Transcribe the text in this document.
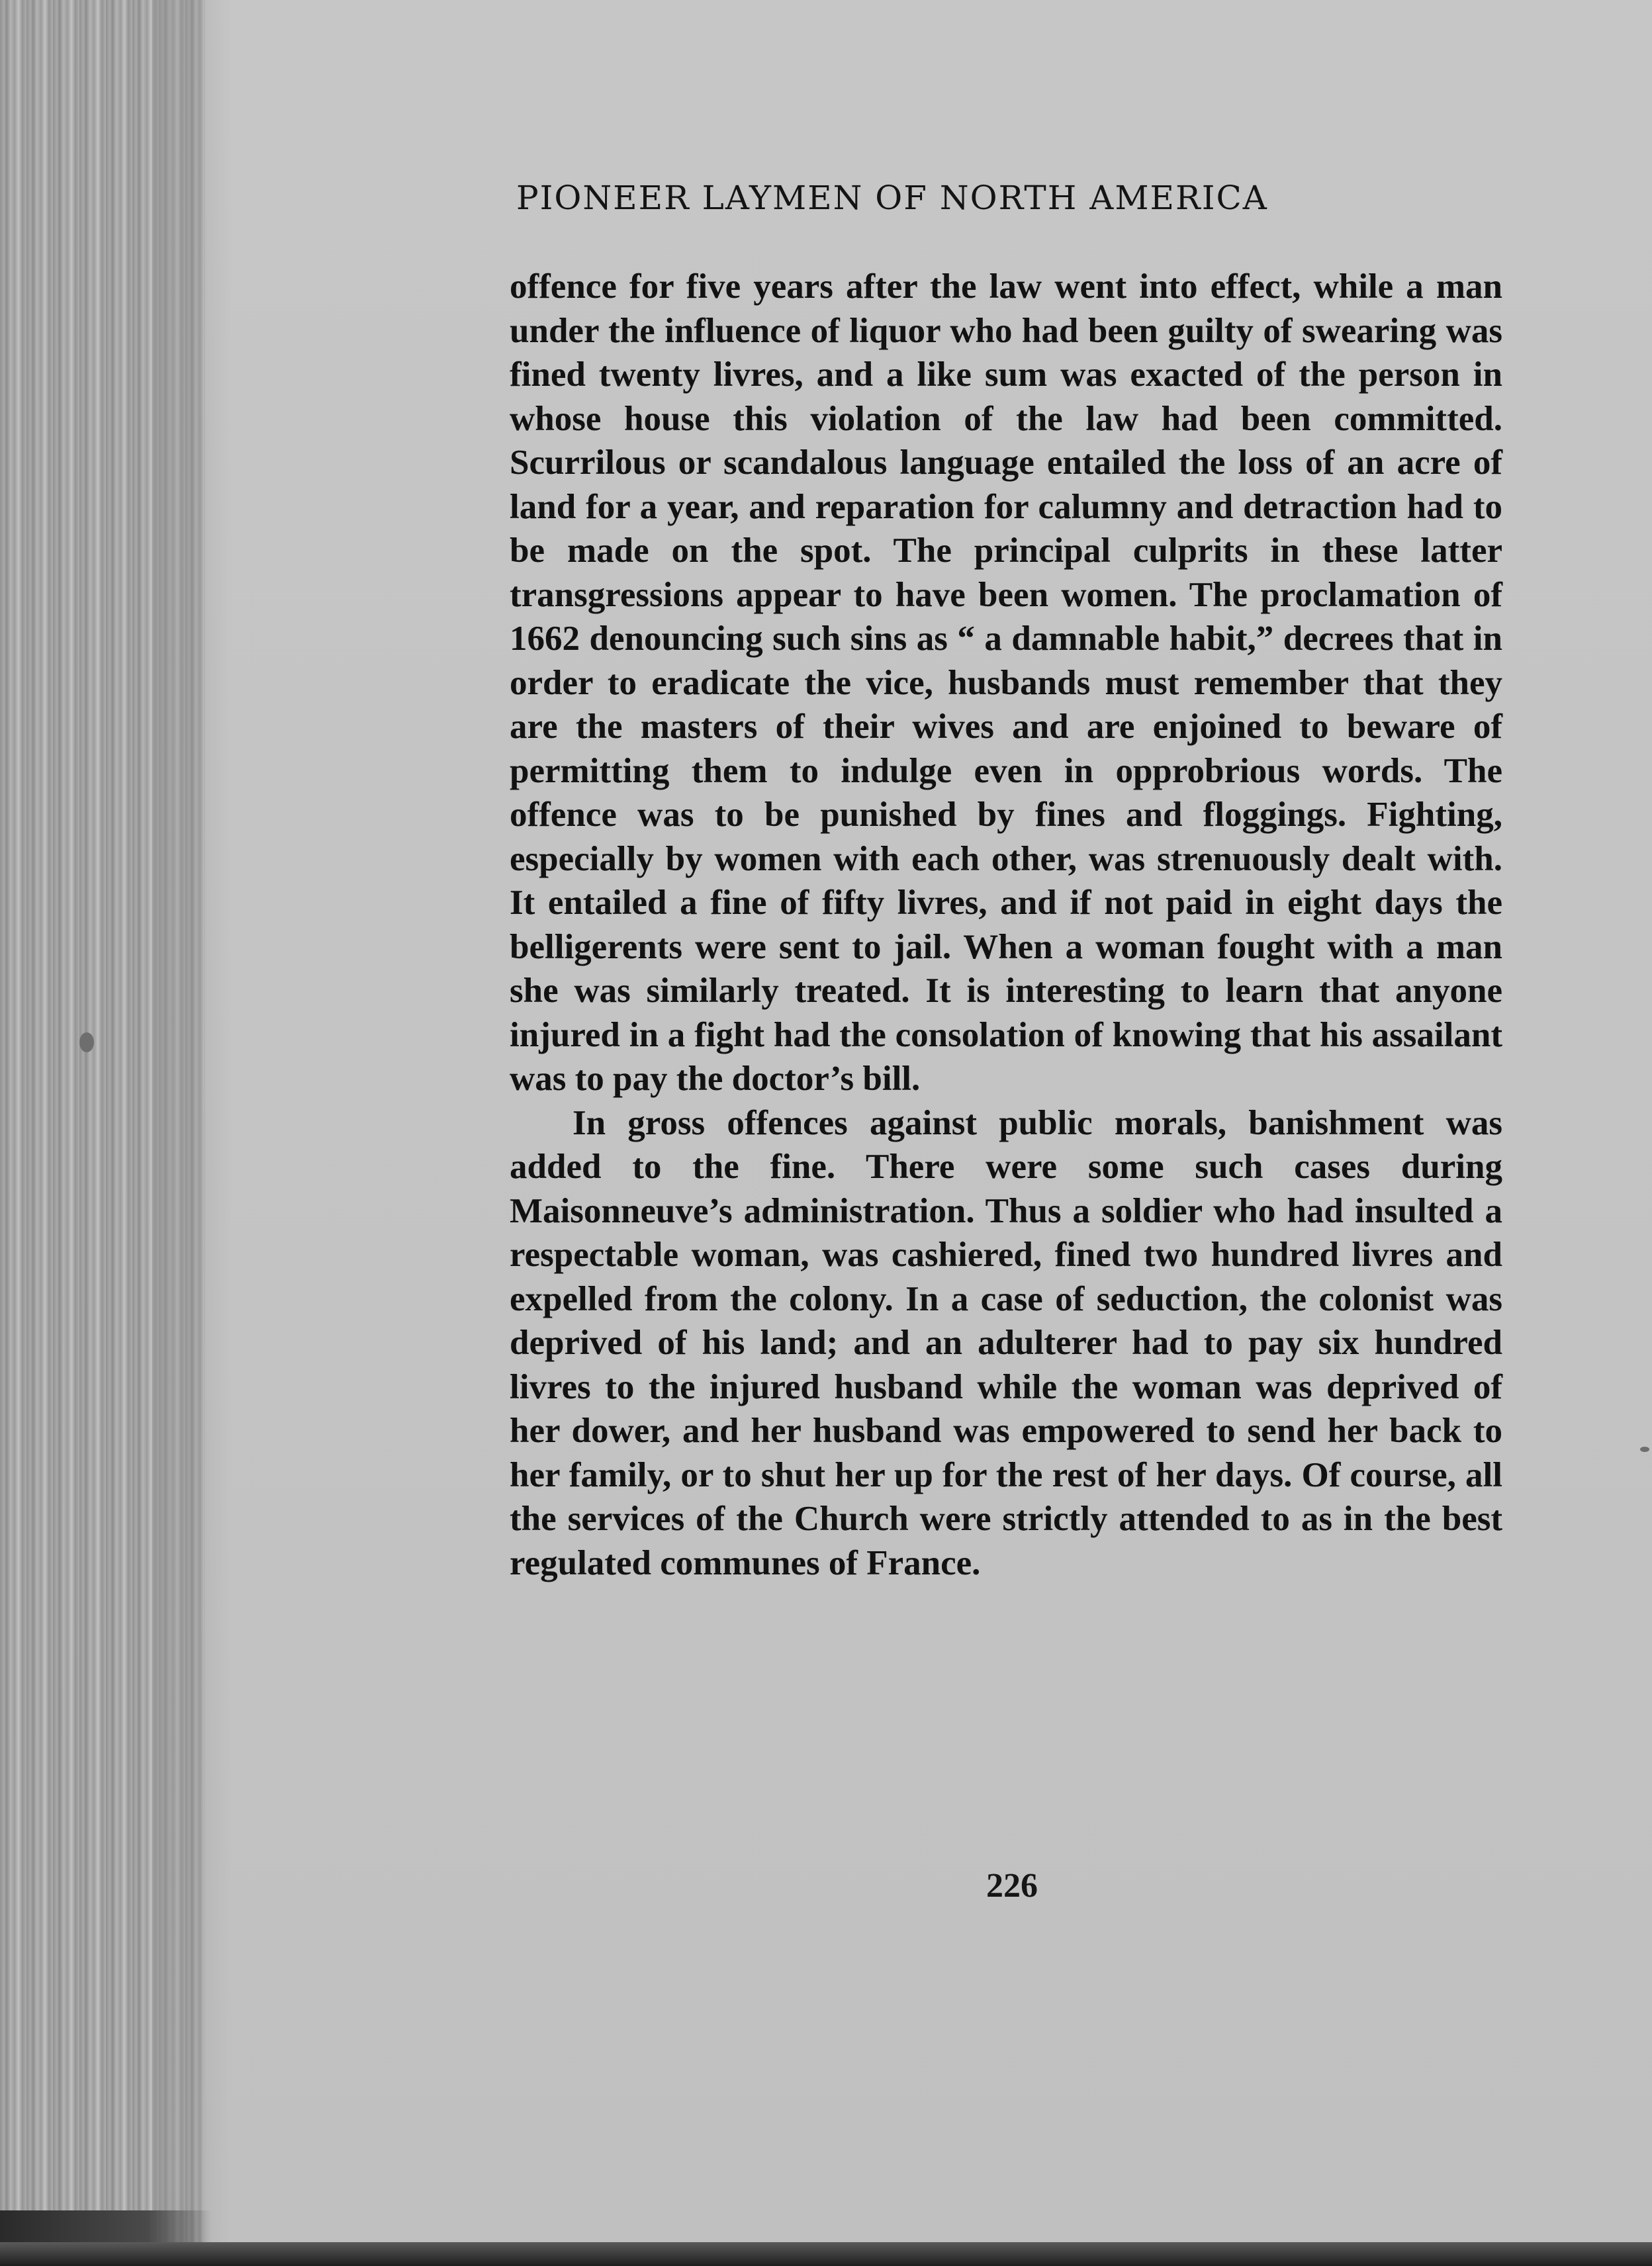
PIONEER LAYMEN OF NORTH AMERICA

offence for five years after the law went into effect, while a man under the influence of liquor who had been guilty of swearing was fined twenty livres, and a like sum was exacted of the person in whose house this violation of the law had been committed. Scurrilous or scandalous language entailed the loss of an acre of land for a year, and reparation for calumny and detraction had to be made on the spot. The principal culprits in these latter transgressions appear to have been women. The proclamation of 1662 denouncing such sins as “ a damnable habit,” decrees that in order to eradicate the vice, husbands must remember that they are the masters of their wives and are enjoined to beware of permitting them to indulge even in opprobrious words. The offence was to be punished by fines and floggings. Fighting, especially by women with each other, was strenuously dealt with. It entailed a fine of fifty livres, and if not paid in eight days the belligerents were sent to jail. When a woman fought with a man she was similarly treated. It is interesting to learn that anyone injured in a fight had the consolation of knowing that his assailant was to pay the doctor’s bill.

In gross offences against public morals, banishment was added to the fine. There were some such cases during Maisonneuve’s administration. Thus a soldier who had insulted a respectable woman, was cashiered, fined two hundred livres and expelled from the colony. In a case of seduction, the colonist was deprived of his land; and an adulterer had to pay six hundred livres to the injured husband while the woman was deprived of her dower, and her husband was empowered to send her back to her family, or to shut her up for the rest of her days. Of course, all the services of the Church were strictly attended to as in the best regulated communes of France.

226
